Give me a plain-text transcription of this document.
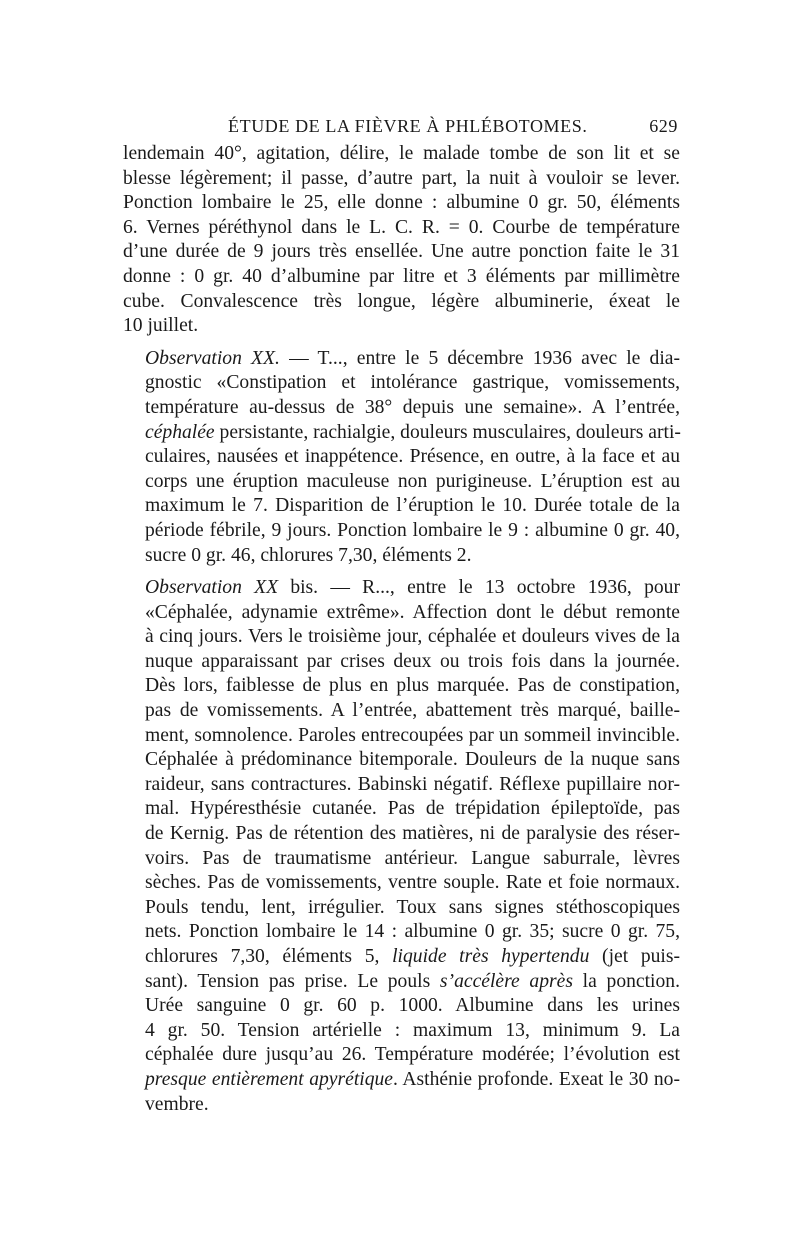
ÉTUDE DE LA FIÈVRE À PHLÉBOTOMES.	629

lendemain 40°, agitation, délire, le malade tombe de son lit et se
blesse légèrement; il passe, d’autre part, la nuit à vouloir se lever.
Ponction lombaire le 25, elle donne : albumine 0 gr. 50, éléments
6. Vernes péréthynol dans le L. C. R. = 0. Courbe de température
d’une durée de 9 jours très ensellée. Une autre ponction faite le 31
donne : 0 gr. 40 d’albumine par litre et 3 éléments par millimètre
cube. Convalescence très longue, légère albuminerie, éxeat le
10 juillet.

Observation XX. — T..., entre le 5 décembre 1936 avec le dia-
gnostic «Constipation et intolérance gastrique, vomissements,
température au-dessus de 38° depuis une semaine». A l’entrée,
céphalée persistante, rachialgie, douleurs musculaires, douleurs arti-
culaires, nausées et inappétence. Présence, en outre, à la face et au
corps une éruption maculeuse non purigineuse. L’éruption est au
maximum le 7. Disparition de l’éruption le 10. Durée totale de la
période fébrile, 9 jours. Ponction lombaire le 9 : albumine 0 gr. 40,
sucre 0 gr. 46, chlorures 7,30, éléments 2.

Observation XX bis. — R..., entre le 13 octobre 1936, pour
«Céphalée, adynamie extrême». Affection dont le début remonte
à cinq jours. Vers le troisième jour, céphalée et douleurs vives de la
nuque apparaissant par crises deux ou trois fois dans la journée.
Dès lors, faiblesse de plus en plus marquée. Pas de constipation,
pas de vomissements. A l’entrée, abattement très marqué, baille-
ment, somnolence. Paroles entrecoupées par un sommeil invincible.
Céphalée à prédominance bitemporale. Douleurs de la nuque sans
raideur, sans contractures. Babinski négatif. Réflexe pupillaire nor-
mal. Hypéresthésie cutanée. Pas de trépidation épileptoïde, pas
de Kernig. Pas de rétention des matières, ni de paralysie des réser-
voirs. Pas de traumatisme antérieur. Langue saburrale, lèvres
sèches. Pas de vomissements, ventre souple. Rate et foie normaux.
Pouls tendu, lent, irrégulier. Toux sans signes stéthoscopiques
nets. Ponction lombaire le 14 : albumine 0 gr. 35; sucre 0 gr. 75,
chlorures 7,30, éléments 5, liquide très hypertendu (jet puis-
sant). Tension pas prise. Le pouls s’accélère après la ponction.
Urée sanguine 0 gr. 60 p. 1000. Albumine dans les urines
4 gr. 50. Tension artérielle : maximum 13, minimum 9. La
céphalée dure jusqu’au 26. Température modérée; l’évolution est
presque entièrement apyrétique. Asthénie profonde. Exeat le 30 no-
vembre.
